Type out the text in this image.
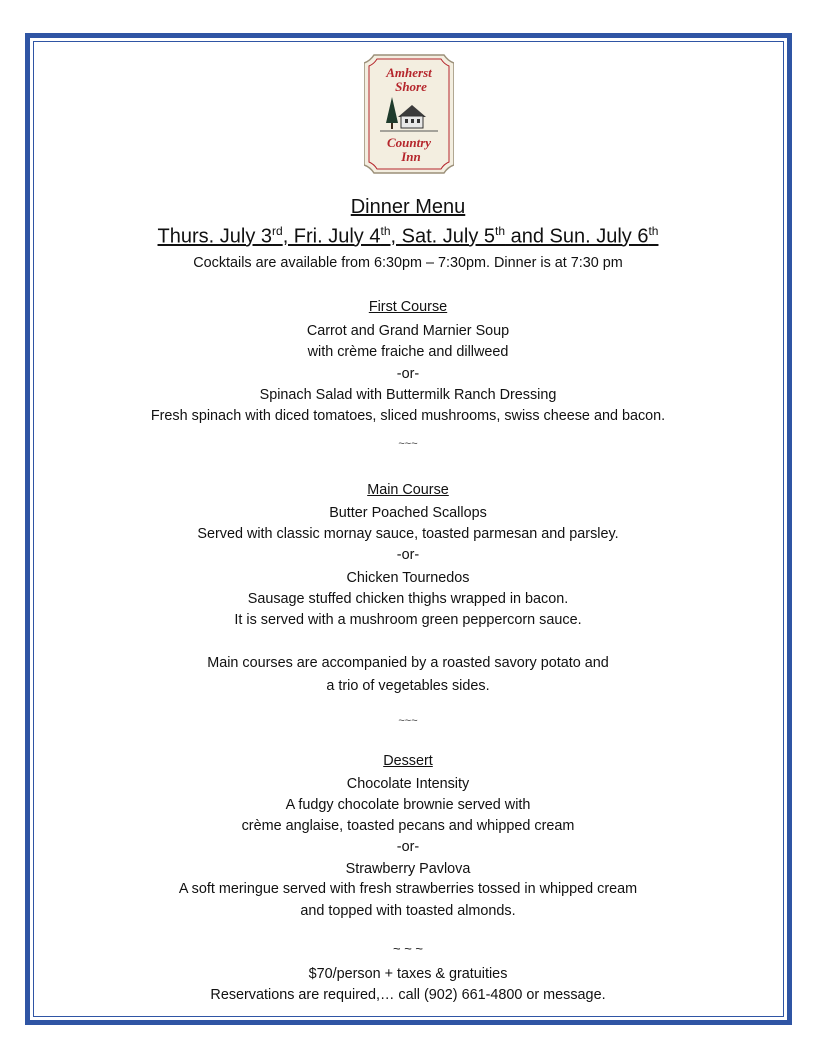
Amherst
Shore
Country
Inn
Dinner Menu
Thurs. July 3rd, Fri. July 4th, Sat. July 5th and Sun. July 6th
Cocktails are available from 6:30pm – 7:30pm. Dinner is at 7:30 pm
First Course
Carrot and Grand Marnier Soup
with crème fraiche and dillweed
-or-
Spinach Salad with Buttermilk Ranch Dressing
Fresh spinach with diced tomatoes, sliced mushrooms, swiss cheese and bacon.
~~~
Main Course
Butter Poached Scallops
Served with classic mornay sauce, toasted parmesan and parsley.
-or-
Chicken Tournedos
Sausage stuffed chicken thighs wrapped in bacon.
It is served with a mushroom green peppercorn sauce.
Main courses are accompanied by a roasted savory potato and
a trio of vegetables sides.
~~~
Dessert
Chocolate Intensity
A fudgy chocolate brownie served with
crème anglaise, toasted pecans and whipped cream
-or-
Strawberry Pavlova
A soft meringue served with fresh strawberries tossed in whipped cream
and topped with toasted almonds.
~ ~ ~
$70/person + taxes & gratuities
Reservations are required,… call (902) 661-4800 or message.
